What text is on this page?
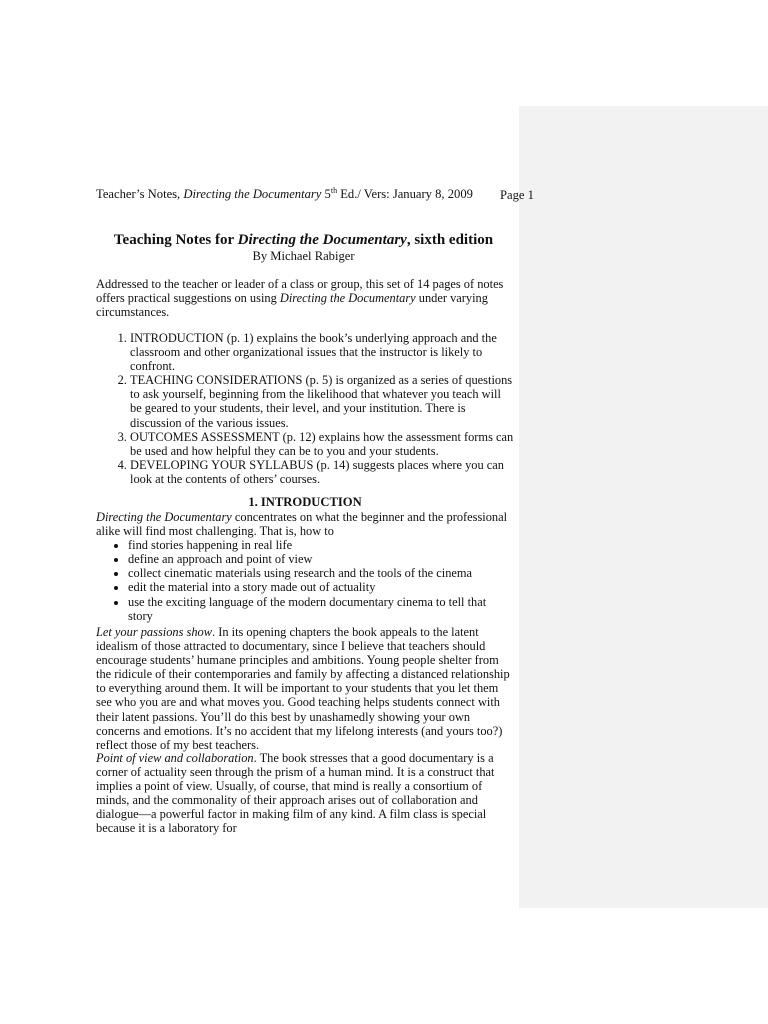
Teacher’s Notes, Directing the Documentary 5th Ed./ Vers: January 8, 2009 Page 1
Teaching Notes for Directing the Documentary, sixth edition
By Michael Rabiger

Addressed to the teacher or leader of a class or group, this set of 14 pages of notes offers practical suggestions on using Directing the Documentary under varying circumstances.

1. INTRODUCTION (p. 1) explains the book’s underlying approach and the classroom and other organizational issues that the instructor is likely to confront.
2. TEACHING CONSIDERATIONS (p. 5) is organized as a series of questions to ask yourself, beginning from the likelihood that whatever you teach will be geared to your students, their level, and your institution. There is discussion of the various issues.
3. OUTCOMES ASSESSMENT (p. 12) explains how the assessment forms can be used and how helpful they can be to you and your students.
4. DEVELOPING YOUR SYLLABUS (p. 14) suggests places where you can look at the contents of others’ courses.
1. INTRODUCTION

Directing the Documentary concentrates on what the beginner and the professional alike will find most challenging. That is, how to

• find stories happening in real life
• define an approach and point of view
• collect cinematic materials using research and the tools of the cinema
• edit the material into a story made out of actuality
• use the exciting language of the modern documentary cinema to tell that story

Let your passions show. In its opening chapters the book appeals to the latent idealism of those attracted to documentary, since I believe that teachers should encourage students’ humane principles and ambitions. Young people shelter from the ridicule of their contemporaries and family by affecting a distanced relationship to everything around them. It will be important to your students that you let them see who you are and what moves you. Good teaching helps students connect with their latent passions. You’ll do this best by unashamedly showing your own concerns and emotions. It’s no accident that my lifelong interests (and yours too?) reflect those of my best teachers.

Point of view and collaboration. The book stresses that a good documentary is a corner of actuality seen through the prism of a human mind. It is a construct that implies a point of view. Usually, of course, that mind is really a consortium of minds, and the commonality of their approach arises out of collaboration and dialogue—a powerful factor in making film of any kind. A film class is special because it is a laboratory for
